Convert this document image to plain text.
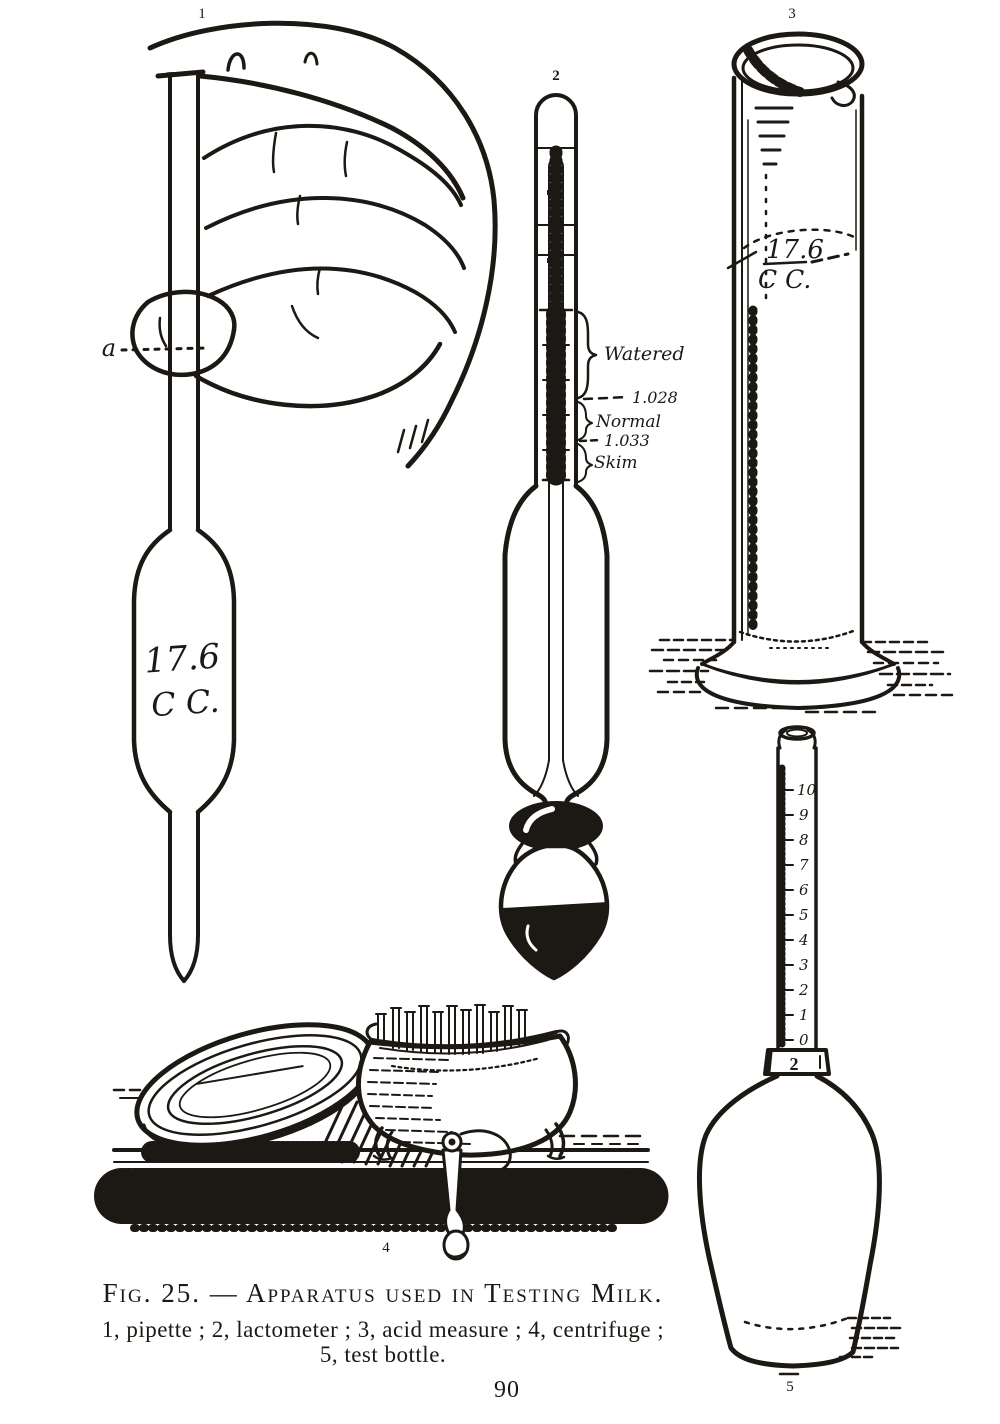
1
17.6
C C.
a
2
Watered
1.028
Normal
1.033
Skim
3
17.6
C C.
4
10
9
8
7
6
5
4
3
2
1
0
2
5
Fig. 25. — Apparatus used in Testing Milk.
1, pipette ; 2, lactometer ; 3, acid measure ; 4, centrifuge ;
5, test bottle.
90
